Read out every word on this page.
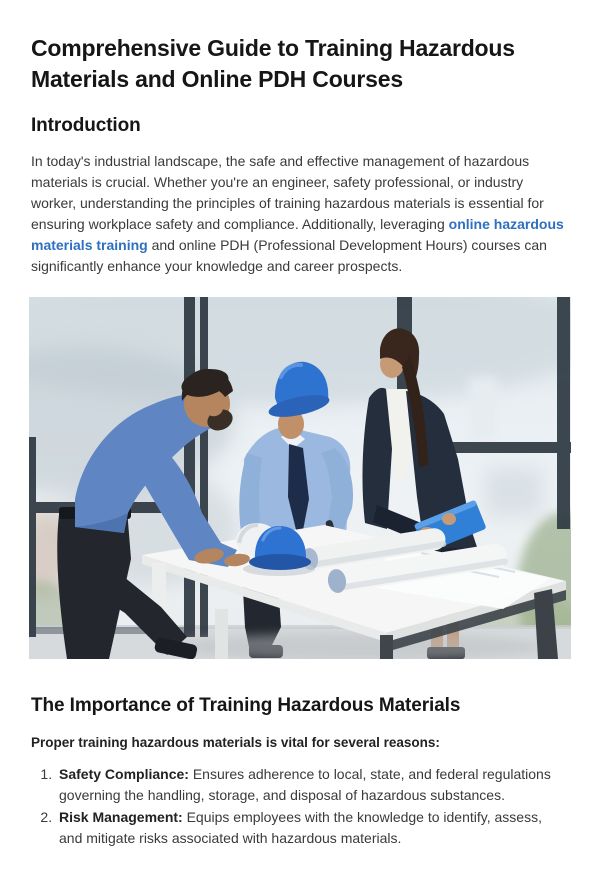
Comprehensive Guide to Training Hazardous Materials and Online PDH Courses
Introduction

In today's industrial landscape, the safe and effective management of hazardous materials is crucial. Whether you're an engineer, safety professional, or industry worker, understanding the principles of training hazardous materials is essential for ensuring workplace safety and compliance. Additionally, leveraging online hazardous materials training and online PDH (Professional Development Hours) courses can significantly enhance your knowledge and career prospects.

The Importance of Training Hazardous Materials

Proper training hazardous materials is vital for several reasons:

1. Safety Compliance: Ensures adherence to local, state, and federal regulations governing the handling, storage, and disposal of hazardous substances.
2. Risk Management: Equips employees with the knowledge to identify, assess, and mitigate risks associated with hazardous materials.
